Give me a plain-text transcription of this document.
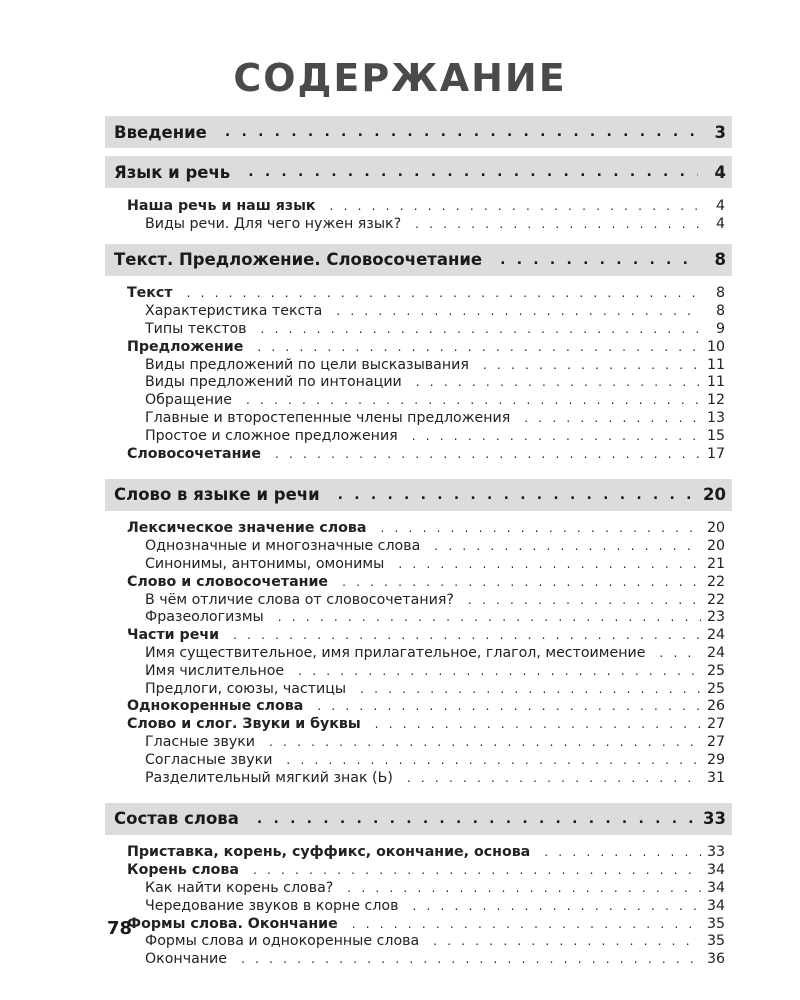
СОДЕРЖАНИЕ
Введение . . .	3
Язык и речь . . .	4
Наша речь и наш язык . . .	4
Виды речи. Для чего нужен язык? . . .	4
Текст. Предложение. Словосочетание . . .	8
Текст . . .	8
Характеристика текста . . .	8
Типы текстов . . .	9
Предложение . . .	10
Виды предложений по цели высказывания . . .	11
Виды предложений по интонации . . .	11
Обращение . . .	12
Главные и второстепенные члены предложения . . .	13
Простое и сложное предложения . . .	15
Словосочетание . . .	17
Слово в языке и речи . . .	20
Лексическое значение слова . . .	20
Однозначные и многозначные слова . . .	20
Синонимы, антонимы, омонимы . . .	21
Слово и словосочетание . . .	22
В чём отличие слова от словосочетания? . . .	22
Фразеологизмы . . .	23
Части речи . . .	24
Имя существительное, имя прилагательное, глагол, местоимение . . .	24
Имя числительное . . .	25
Предлоги, союзы, частицы . . .	25
Однокоренные слова . . .	26
Слово и слог. Звуки и буквы . . .	27
Гласные звуки . . .	27
Согласные звуки . . .	29
Разделительный мягкий знак (Ь) . . .	31
Состав слова . . .	33
Приставка, корень, суффикс, окончание, основа . . .	33
Корень слова . . .	34
Как найти корень слова? . . .	34
Чередование звуков в корне слов . . .	34
Формы слова. Окончание . . .	35
Формы слова и однокоренные слова . . .	35
Окончание . . .	36
78
